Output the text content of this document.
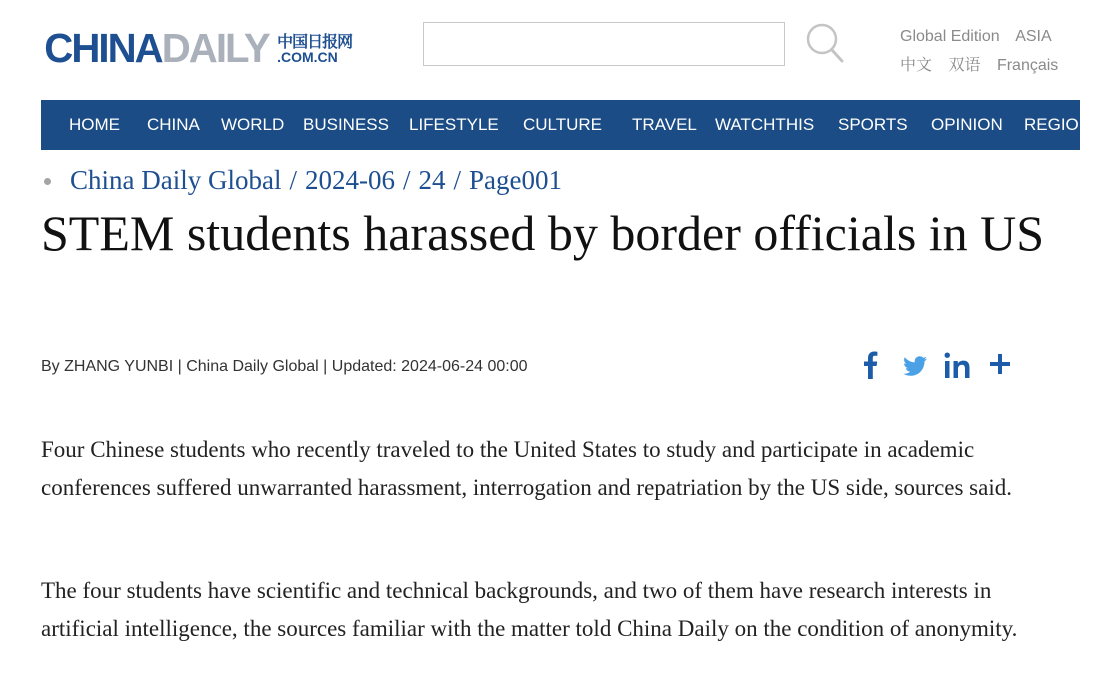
CHINADAILY 中国日报网
.COM.CN
Global Edition ASIA
中文 双语 Français
HOME CHINA WORLD BUSINESS LIFESTYLE CULTURE TRAVEL WATCHTHIS SPORTS OPINION REGIONS
China Daily Global / 2024-06 / 24 / Page001
STEM students harassed by border officials in US
By ZHANG YUNBI | China Daily Global | Updated: 2024-06-24 00:00

Four Chinese students who recently traveled to the United States to study and participate in academic conferences suffered unwarranted harassment, interrogation and repatriation by the US side, sources said.

The four students have scientific and technical backgrounds, and two of them have research interests in artificial intelligence, the sources familiar with the matter told China Daily on the condition of anonymity.
